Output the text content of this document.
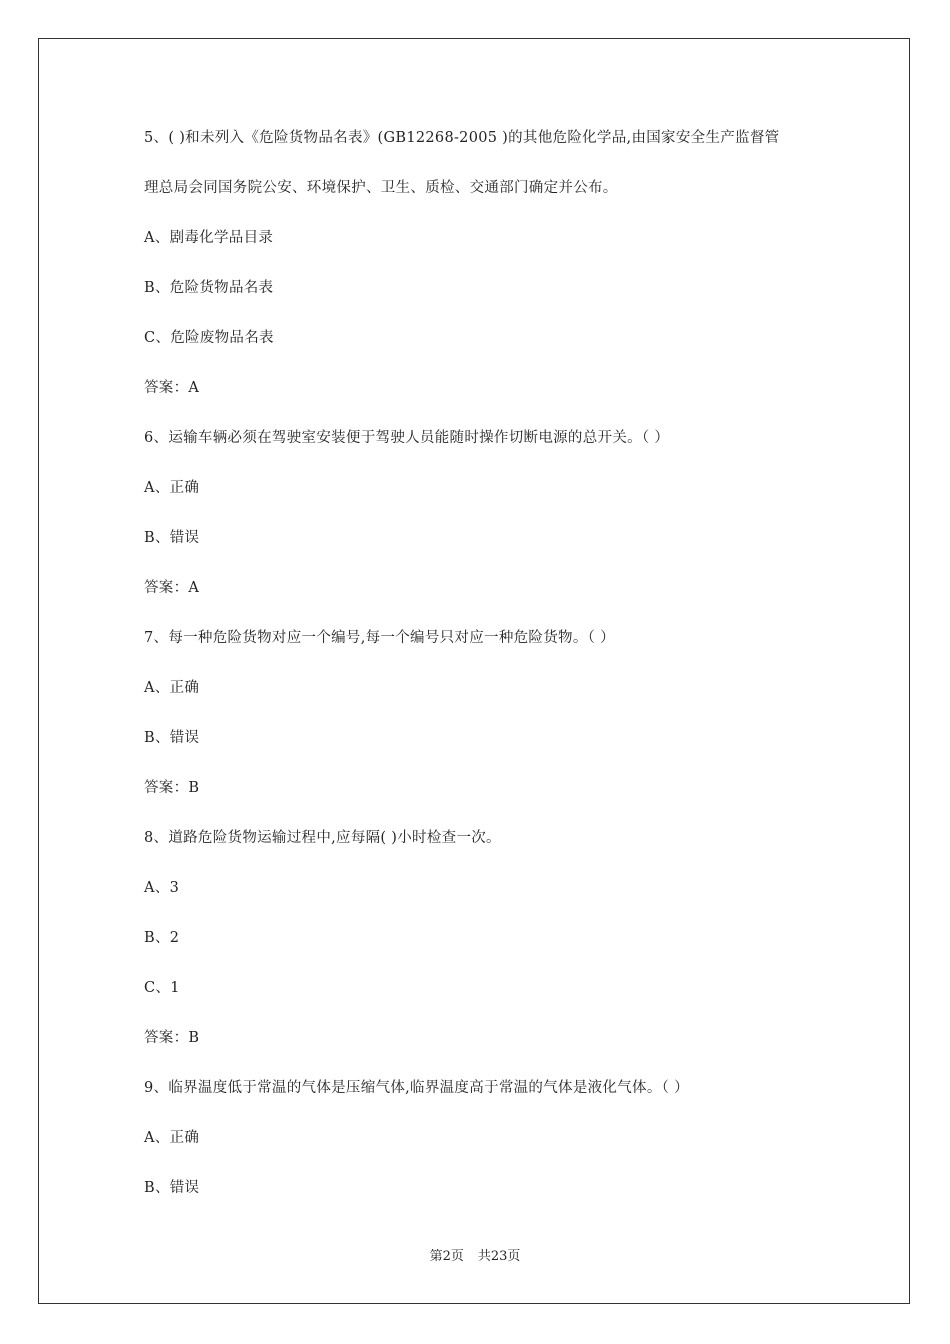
5、( )和未列入《危险货物品名表》(GB12268-2005 )的其他危险化学品,由国家安全生产监督管
理总局会同国务院公安、环境保护、卫生、质检、交通部门确定并公布。
A、剧毒化学品目录
B、危险货物品名表
C、危险废物品名表
答案：A
6、运输车辆必须在驾驶室安装便于驾驶人员能随时操作切断电源的总开关。（ ）
A、正确
B、错误
答案：A
7、每一种危险货物对应一个编号,每一个编号只对应一种危险货物。（ ）
A、正确
B、错误
答案：B
8、道路危险货物运输过程中,应每隔( )小时检查一次。
A、3
B、2
C、1
答案：B
9、临界温度低于常温的气体是压缩气体,临界温度高于常温的气体是液化气体。（ ）
A、正确
B、错误
第2页 共23页
